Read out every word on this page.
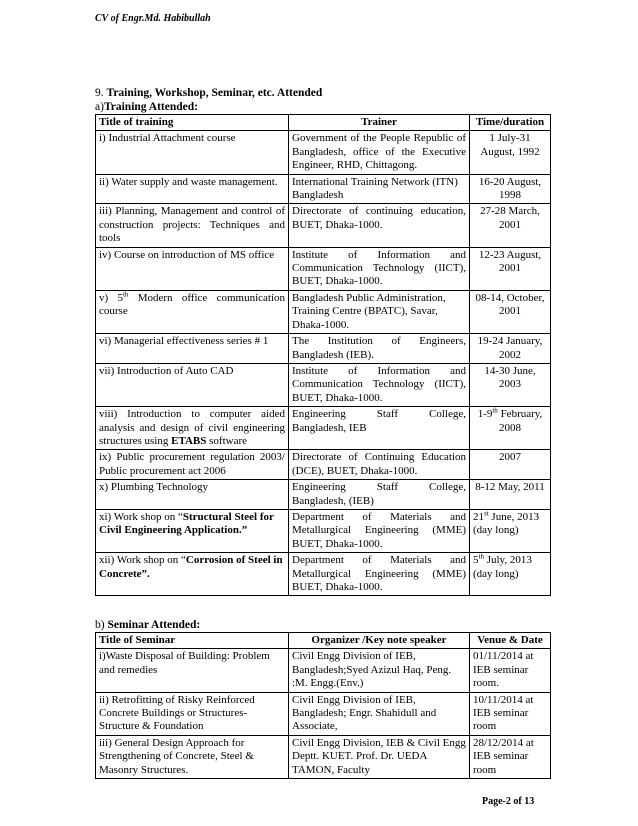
CV of Engr.Md. Habibullah
9. Training, Workshop, Seminar, etc. Attended
a)Training Attended:
Title of training	Trainer	Time/duration
i) Industrial Attachment course	Government of the People Republic of Bangladesh, office of the Executive Engineer, RHD, Chittagong.	1 July-31 August, 1992
ii) Water supply and waste management.	International Training Network (ITN) Bangladesh	16-20 August, 1998
iii) Planning, Management and control of construction projects: Techniques and tools	Directorate of continuing education, BUET, Dhaka-1000.	27-28 March, 2001
iv) Course on introduction of MS office	Institute of Information and Communication Technology (IICT), BUET, Dhaka-1000.	12-23 August, 2001
v) 5th Modern office communication course	Bangladesh Public Administration, Training Centre (BPATC), Savar, Dhaka-1000.	08-14, October, 2001
vi) Managerial effectiveness series # 1	The Institution of Engineers, Bangladesh (IEB).	19-24 January, 2002
vii) Introduction of Auto CAD	Institute of Information and Communication Technology (IICT), BUET, Dhaka-1000.	14-30 June, 2003
viii) Introduction to computer aided analysis and design of civil engineering structures using ETABS software	Engineering Staff College, Bangladesh, IEB	1-9th February, 2008
ix) Public procurement regulation 2003/ Public procurement act 2006	Directorate of Continuing Education (DCE), BUET, Dhaka-1000.	2007
x) Plumbing Technology	Engineering Staff College, Bangladesh, (IEB)	8-12 May, 2011
xi) Work shop on “Structural Steel for Civil Engineering Application.”	Department of Materials and Metallurgical Engineering (MME) BUET, Dhaka-1000.	21st June, 2013 (day long)
xii) Work shop on “Corrosion of Steel in Concrete”.	Department of Materials and Metallurgical Engineering (MME) BUET, Dhaka-1000.	5th July, 2013 (day long)
b) Seminar Attended:
Title of Seminar	Organizer /Key note speaker	Venue & Date
i)Waste Disposal of Building: Problem and remedies	Civil Engg Division of IEB, Bangladesh;Syed Azizul Haq, Peng. :M. Engg.(Env.)	01/11/2014 at IEB seminar room.
ii) Retrofitting of Risky Reinforced Concrete Buildings or Structures-Structure & Foundation	Civil Engg Division of IEB, Bangladesh; Engr. Shahidull and Associate,	10/11/2014 at IEB seminar room
iii) General Design Approach for Strengthening of Concrete, Steel & Masonry Structures.	Civil Engg Division, IEB & Civil Engg Deptt. KUET. Prof. Dr. UEDA TAMON, Faculty	28/12/2014 at IEB seminar room
Page-2 of 13
